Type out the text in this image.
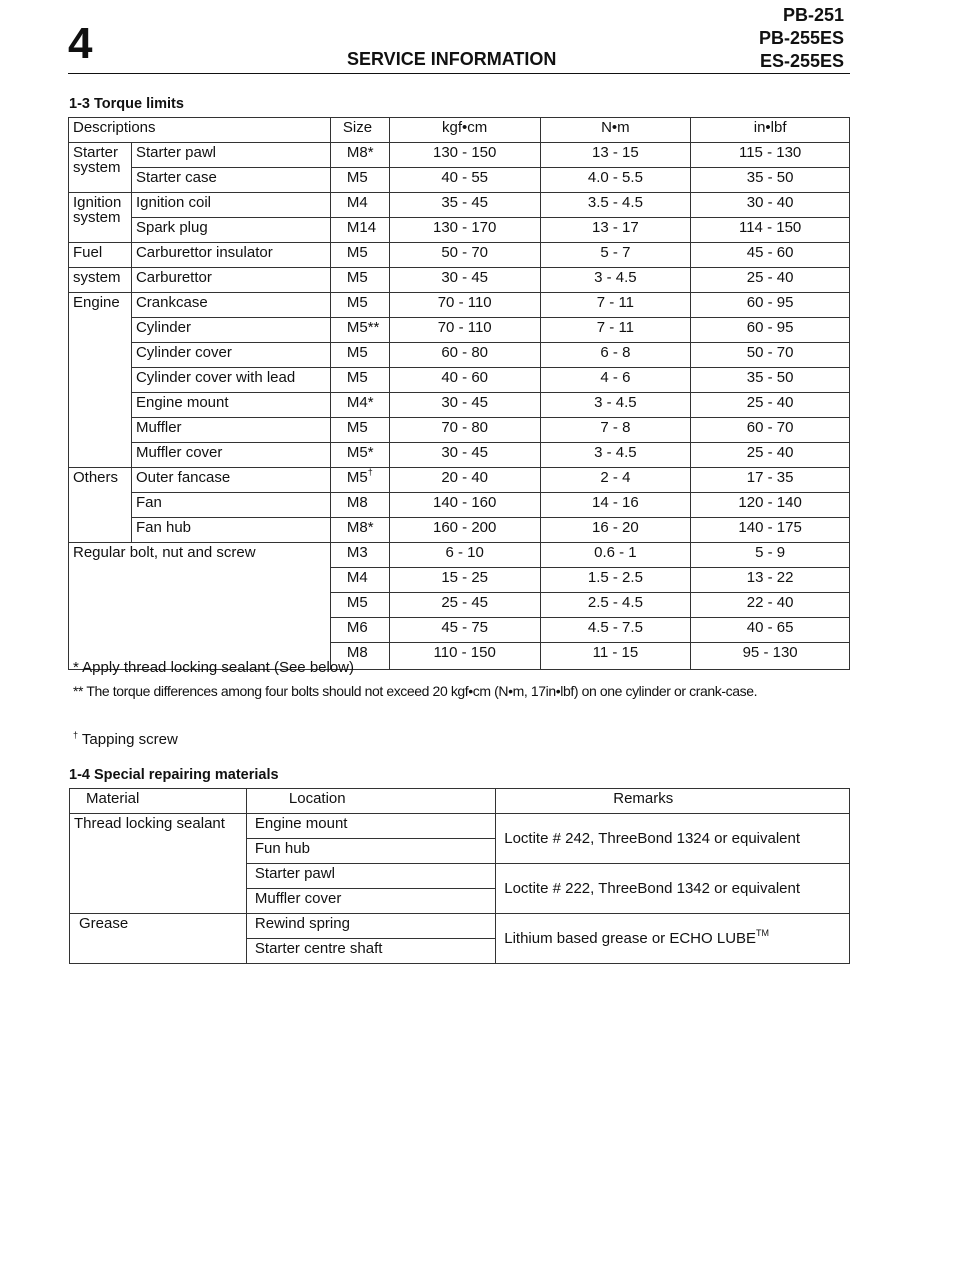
4	SERVICE INFORMATION
PB-251
PB-255ES
ES-255ES
1-3 Torque limits
Descriptions		Size	kgf•cm	N•m	in•lbf
Starter system	Starter pawl	M8*	130 - 150	13 - 15	115 - 130
	Starter case	M5	40 - 55	4.0 - 5.5	35 - 50
Ignition system	Ignition coil	M4	35 - 45	3.5 - 4.5	30 - 40
	Spark plug	M14	130 - 170	13 - 17	114 - 150
Fuel	Carburettor insulator	M5	50 - 70	5 - 7	45 - 60
system	Carburettor	M5	30 - 45	3 - 4.5	25 - 40
Engine	Crankcase	M5	70 - 110	7 - 11	60 - 95
	Cylinder	M5**	70 - 110	7 - 11	60 - 95
	Cylinder cover	M5	60 - 80	6 - 8	50 - 70
	Cylinder cover with lead	M5	40 - 60	4 - 6	35 - 50
	Engine mount	M4*	30 - 45	3 - 4.5	25 - 40
	Muffler	M5	70 - 80	7 - 8	60 - 70
	Muffler cover	M5*	30 - 45	3 - 4.5	25 - 40
Others	Outer fancase	M5†	20 - 40	2 - 4	17 - 35
	Fan	M8	140 - 160	14 - 16	120 - 140
	Fan hub	M8*	160 - 200	16 - 20	140 - 175
Regular bolt, nut and screw		M3	6 - 10	0.6 - 1	5 - 9
		M4	15 - 25	1.5 - 2.5	13 - 22
		M5	25 - 45	2.5 - 4.5	22 - 40
		M6	45 - 75	4.5 - 7.5	40 - 65
		M8	110 - 150	11 - 15	95 - 130
* Apply thread locking sealant (See below)
** The torque differences among four bolts should not exceed 20 kgf•cm (N•m, 17in•lbf) on one cylinder or crank-case.
† Tapping screw
1-4 Special repairing materials
Material	Location	Remarks
Thread locking sealant	Engine mount	Loctite # 242, ThreeBond 1324 or equivalent
	Fun hub	
	Starter pawl	Loctite # 222, ThreeBond 1342 or equivalent
	Muffler cover	
Grease	Rewind spring	Lithium based grease or ECHO LUBE™
	Starter centre shaft	
